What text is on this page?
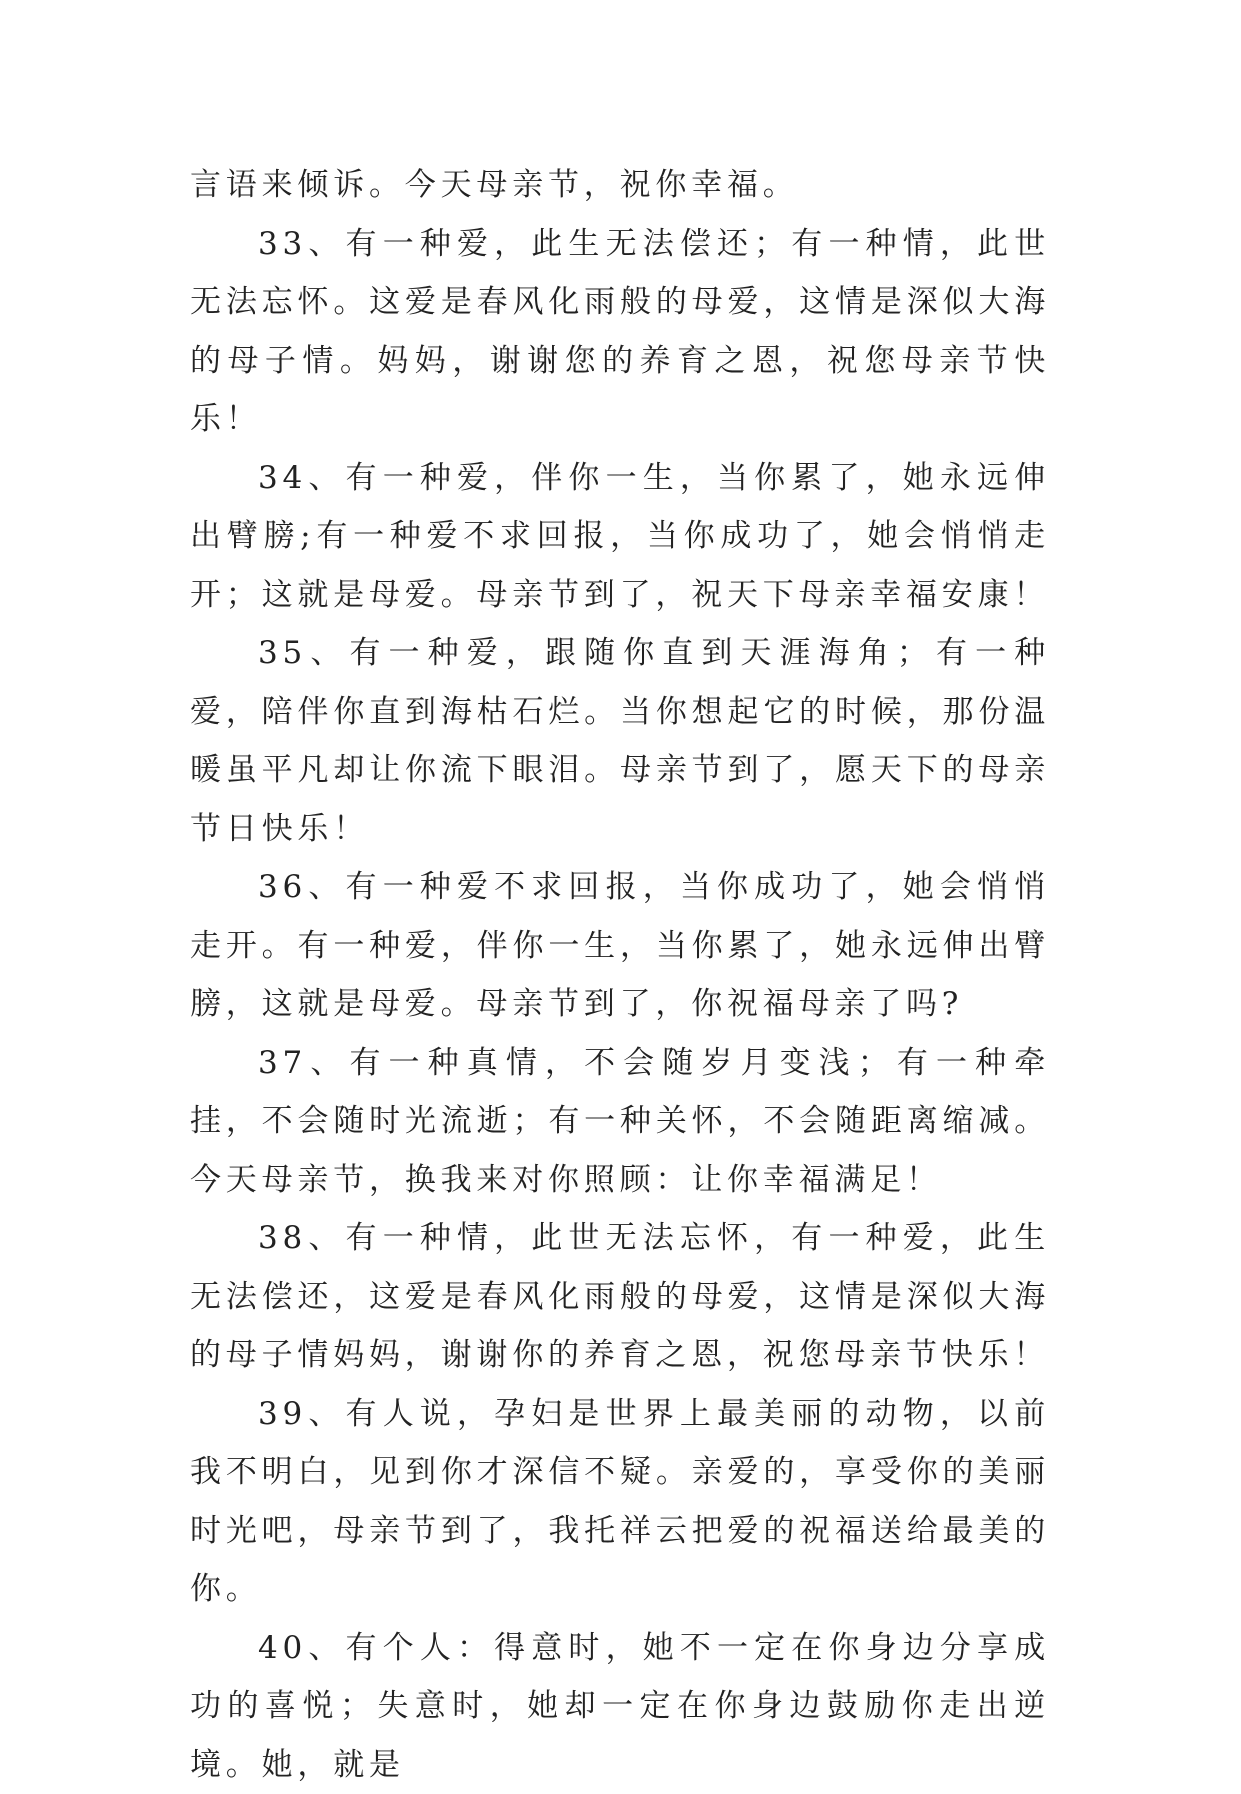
言语来倾诉。今天母亲节，祝你幸福。

33、有一种爱，此生无法偿还；有一种情，此世无法忘怀。这爱是春风化雨般的母爱，这情是深似大海的母子情。妈妈，谢谢您的养育之恩，祝您母亲节快乐！

34、有一种爱，伴你一生，当你累了，她永远伸出臂膀;有一种爱不求回报，当你成功了，她会悄悄走开；这就是母爱。母亲节到了，祝天下母亲幸福安康！

35、有一种爱，跟随你直到天涯海角；有一种爱，陪伴你直到海枯石烂。当你想起它的时候，那份温暖虽平凡却让你流下眼泪。母亲节到了，愿天下的母亲节日快乐！

36、有一种爱不求回报，当你成功了，她会悄悄走开。有一种爱，伴你一生，当你累了，她永远伸出臂膀，这就是母爱。母亲节到了，你祝福母亲了吗?

37、有一种真情，不会随岁月变浅；有一种牵挂，不会随时光流逝；有一种关怀，不会随距离缩减。今天母亲节，换我来对你照顾：让你幸福满足！

38、有一种情，此世无法忘怀，有一种爱，此生无法偿还，这爱是春风化雨般的母爱，这情是深似大海的母子情妈妈，谢谢你的养育之恩，祝您母亲节快乐！

39、有人说，孕妇是世界上最美丽的动物，以前我不明白，见到你才深信不疑。亲爱的，享受你的美丽时光吧，母亲节到了，我托祥云把爱的祝福送给最美的你。

40、有个人：得意时，她不一定在你身边分享成功的喜悦；失意时，她却一定在你身边鼓励你走出逆境。她，就是
